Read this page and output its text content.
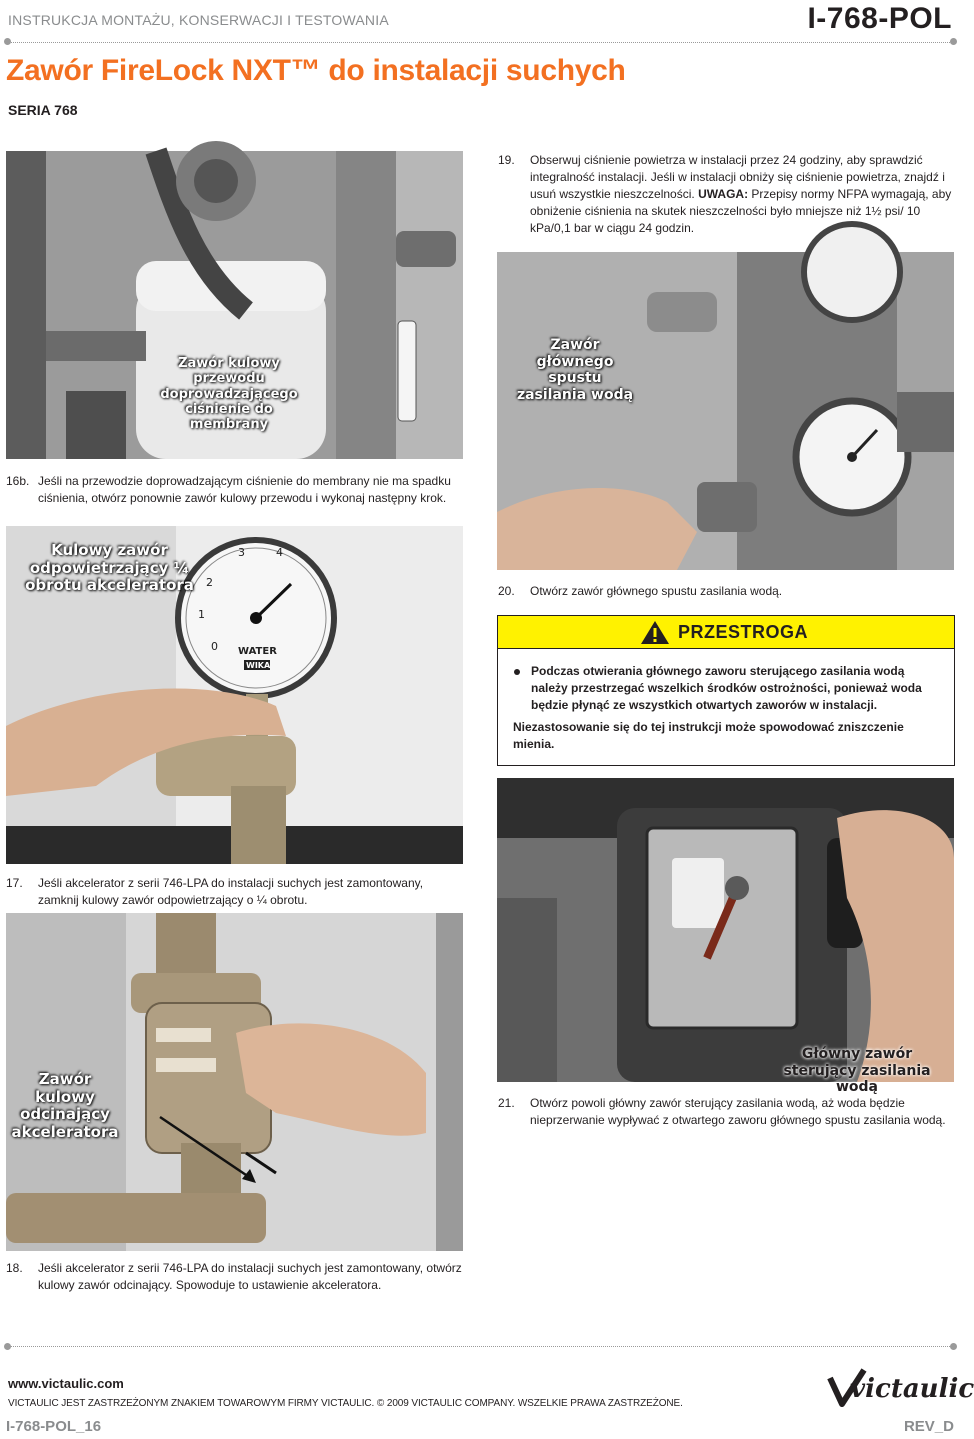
INSTRUKCJA MONTAŻU, KONSERWACJI I TESTOWANIA	I-768-POL
Zawór FireLock NXT™ do instalacji suchych
SERIA 768
Zawór kulowy przewodu doprowadzającego ciśnienie do membrany
19. Obserwuj ciśnienie powietrza w instalacji przez 24 godziny, aby sprawdzić integralność instalacji. Jeśli w instalacji obniży się ciśnienie powietrza, znajdź i usuń wszystkie nieszczelności. UWAGA: Przepisy normy NFPA wymagają, aby obniżenie ciśnienia na skutek nieszczelności było mniejsze niż 1½ psi/ 10 kPa/0,1 bar w ciągu 24 godzin.
Zawór głównego spustu zasilania wodą
16b. Jeśli na przewodzie doprowadzającym ciśnienie do membrany nie ma spadku ciśnienia, otwórz ponownie zawór kulowy przewodu i wykonaj następny krok.
3	4
2
1
0 WATER
WIKA
Kulowy zawór odpowietrzający ¼ obrotu akceleratora	20. Otwórz zawór głównego spustu zasilania wodą.
PRZESTROGA
Podczas otwierania głównego zaworu sterującego zasilania wodą należy przestrzegać wszelkich środków ostrożności, ponieważ woda będzie płynąć ze wszystkich otwartych zaworów w instalacji.
Niezastosowanie się do tej instrukcji może spowodować zniszczenie mienia.
Główny zawór sterujący zasilania wodą
17. Jeśli akcelerator z serii 746-LPA do instalacji suchych jest zamontowany, zamknij kulowy zawór odpowietrzający o ¼ obrotu.
Zawór kulowy odcinający akceleratora
21. Otwórz powoli główny zawór sterujący zasilania wodą, aż woda będzie nieprzerwanie wypływać z otwartego zaworu głównego spustu zasilania wodą.
18. Jeśli akcelerator z serii 746-LPA do instalacji suchych jest zamontowany, otwórz kulowy zawór odcinający. Spowoduje to ustawienie akceleratora.
www.victaulic.com
VICTAULIC JEST ZASTRZEŻONYM ZNAKIEM TOWAROWYM FIRMY VICTAULIC. © 2009 VICTAULIC COMPANY. WSZELKIE PRAWA ZASTRZEŻONE.
I-768-POL_16	REV_D
victaulic
